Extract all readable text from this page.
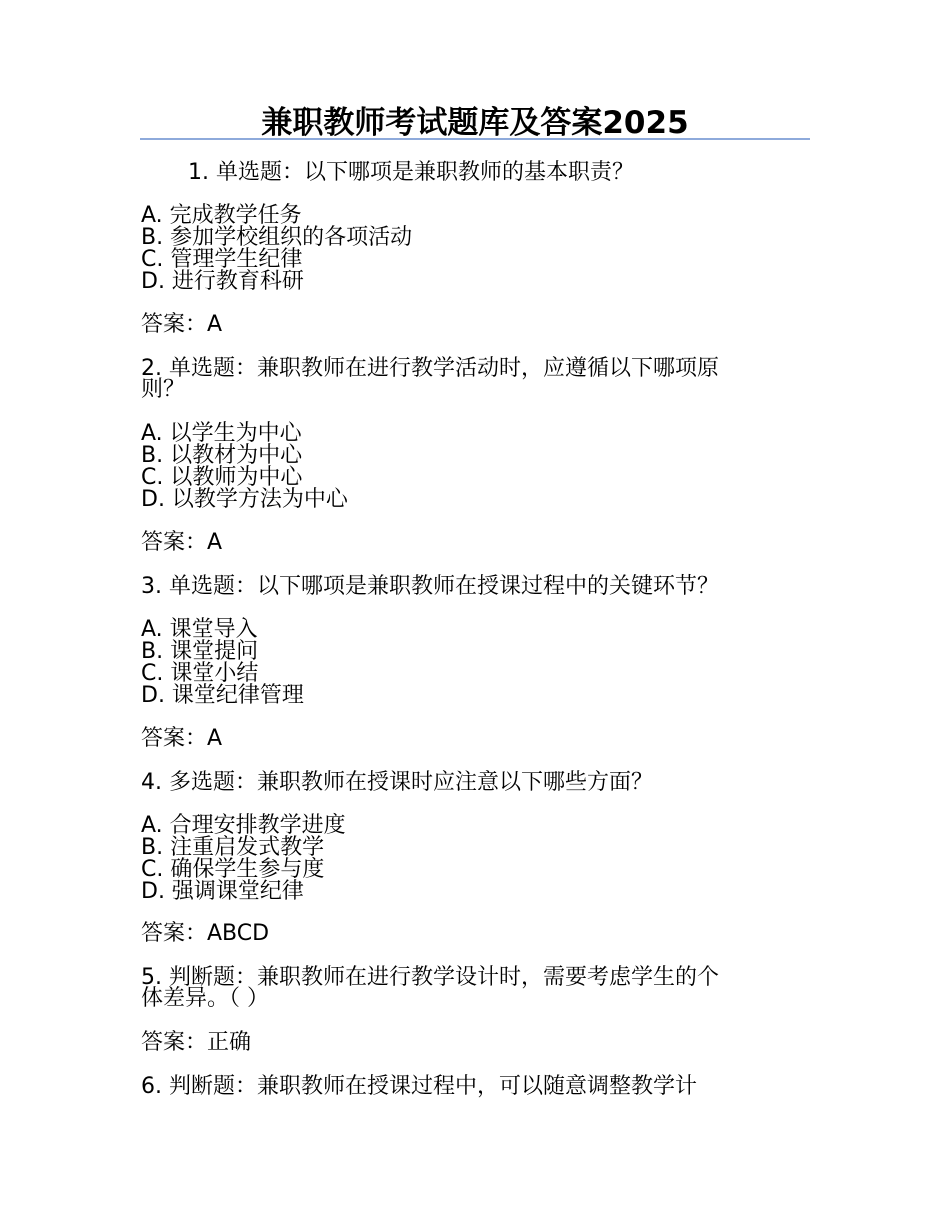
兼职教师考试题库及答案2025

1. 单选题：以下哪项是兼职教师的基本职责？

A. 完成教学任务

B. 参加学校组织的各项活动

C. 管理学生纪律

D. 进行教育科研

答案：A

2. 单选题：兼职教师在进行教学活动时，应遵循以下哪项原

则？

A. 以学生为中心

B. 以教材为中心

C. 以教师为中心

D. 以教学方法为中心

答案：A

3. 单选题：以下哪项是兼职教师在授课过程中的关键环节？

A. 课堂导入

B. 课堂提问

C. 课堂小结

D. 课堂纪律管理

答案：A

4. 多选题：兼职教师在授课时应注意以下哪些方面？

A. 合理安排教学进度

B. 注重启发式教学

C. 确保学生参与度

D. 强调课堂纪律

答案：ABCD

5. 判断题：兼职教师在进行教学设计时，需要考虑学生的个

体差异。（ ）

答案：正确

6. 判断题：兼职教师在授课过程中，可以随意调整教学计
